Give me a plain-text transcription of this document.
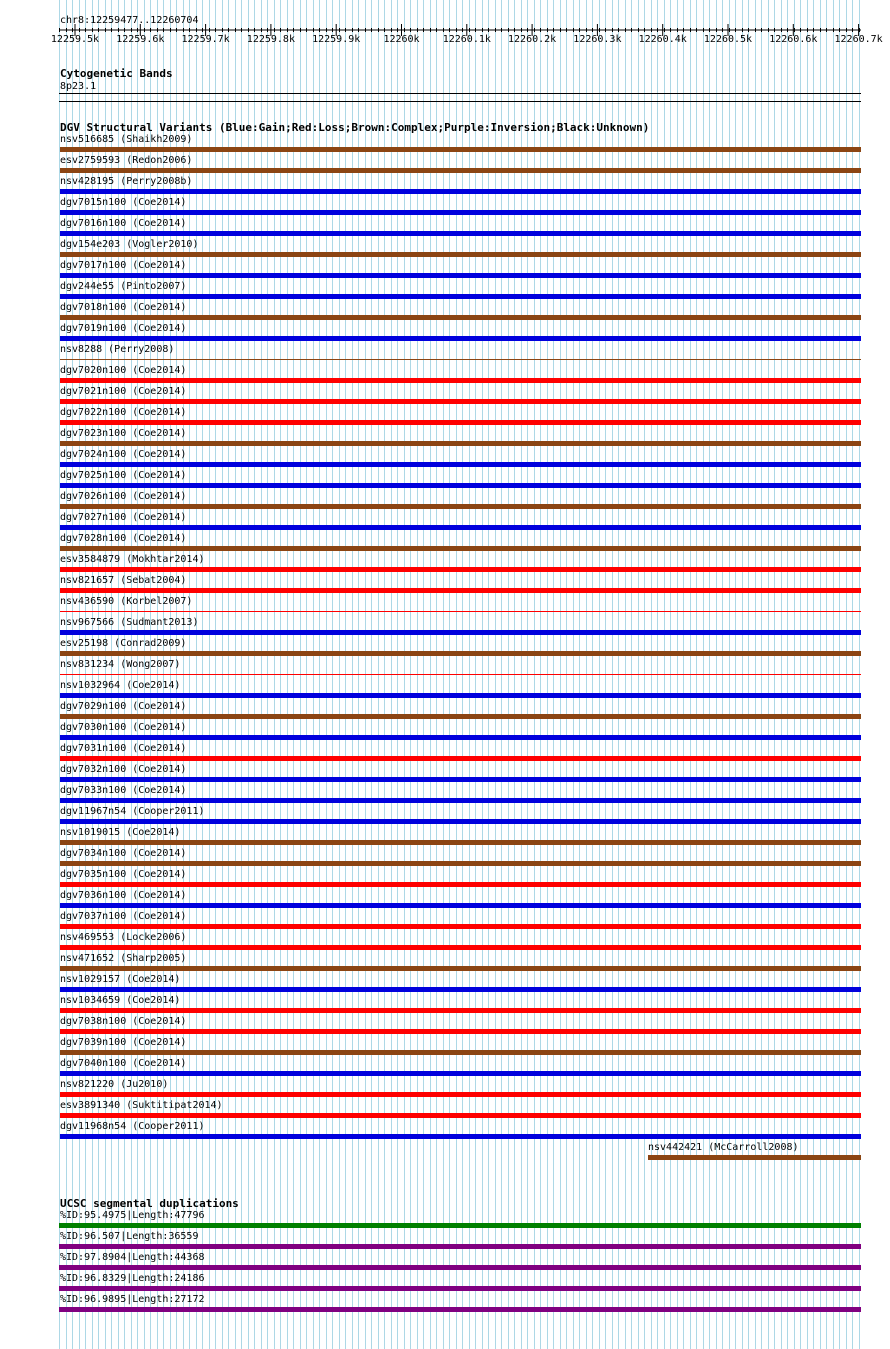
chr8:12259477..12260704
12259.5k 12259.6k 12259.7k 12259.8k 12259.9k 12260k 12260.1k 12260.2k 12260.3k 12260.4k 12260.5k 12260.6k 12260.7k
Cytogenetic Bands
8p23.1
DGV Structural Variants (Blue:Gain;Red:Loss;Brown:Complex;Purple:Inversion;Black:Unknown)
nsv516685 (Shaikh2009)
esv2759593 (Redon2006)
nsv428195 (Perry2008b)
dgv7015n100 (Coe2014)
dgv7016n100 (Coe2014)
dgv154e203 (Vogler2010)
dgv7017n100 (Coe2014)
dgv244e55 (Pinto2007)
dgv7018n100 (Coe2014)
dgv7019n100 (Coe2014)
nsv8288 (Perry2008)
dgv7020n100 (Coe2014)
dgv7021n100 (Coe2014)
dgv7022n100 (Coe2014)
dgv7023n100 (Coe2014)
dgv7024n100 (Coe2014)
dgv7025n100 (Coe2014)
dgv7026n100 (Coe2014)
dgv7027n100 (Coe2014)
dgv7028n100 (Coe2014)
esv3584879 (Mokhtar2014)
nsv821657 (Sebat2004)
nsv436590 (Korbel2007)
nsv967566 (Sudmant2013)
esv25198 (Conrad2009)
nsv831234 (Wong2007)
nsv1032964 (Coe2014)
dgv7029n100 (Coe2014)
dgv7030n100 (Coe2014)
dgv7031n100 (Coe2014)
dgv7032n100 (Coe2014)
dgv7033n100 (Coe2014)
dgv11967n54 (Cooper2011)
nsv1019015 (Coe2014)
dgv7034n100 (Coe2014)
dgv7035n100 (Coe2014)
dgv7036n100 (Coe2014)
dgv7037n100 (Coe2014)
nsv469553 (Locke2006)
nsv471652 (Sharp2005)
nsv1029157 (Coe2014)
nsv1034659 (Coe2014)
dgv7038n100 (Coe2014)
dgv7039n100 (Coe2014)
dgv7040n100 (Coe2014)
nsv821220 (Ju2010)
esv3891340 (Suktitipat2014)
dgv11968n54 (Cooper2011)
nsv442421 (McCarroll2008)
UCSC segmental duplications
%ID:95.4975|Length:47796
%ID:96.507|Length:36559
%ID:97.8904|Length:44368
%ID:96.8329|Length:24186
%ID:96.9895|Length:27172
